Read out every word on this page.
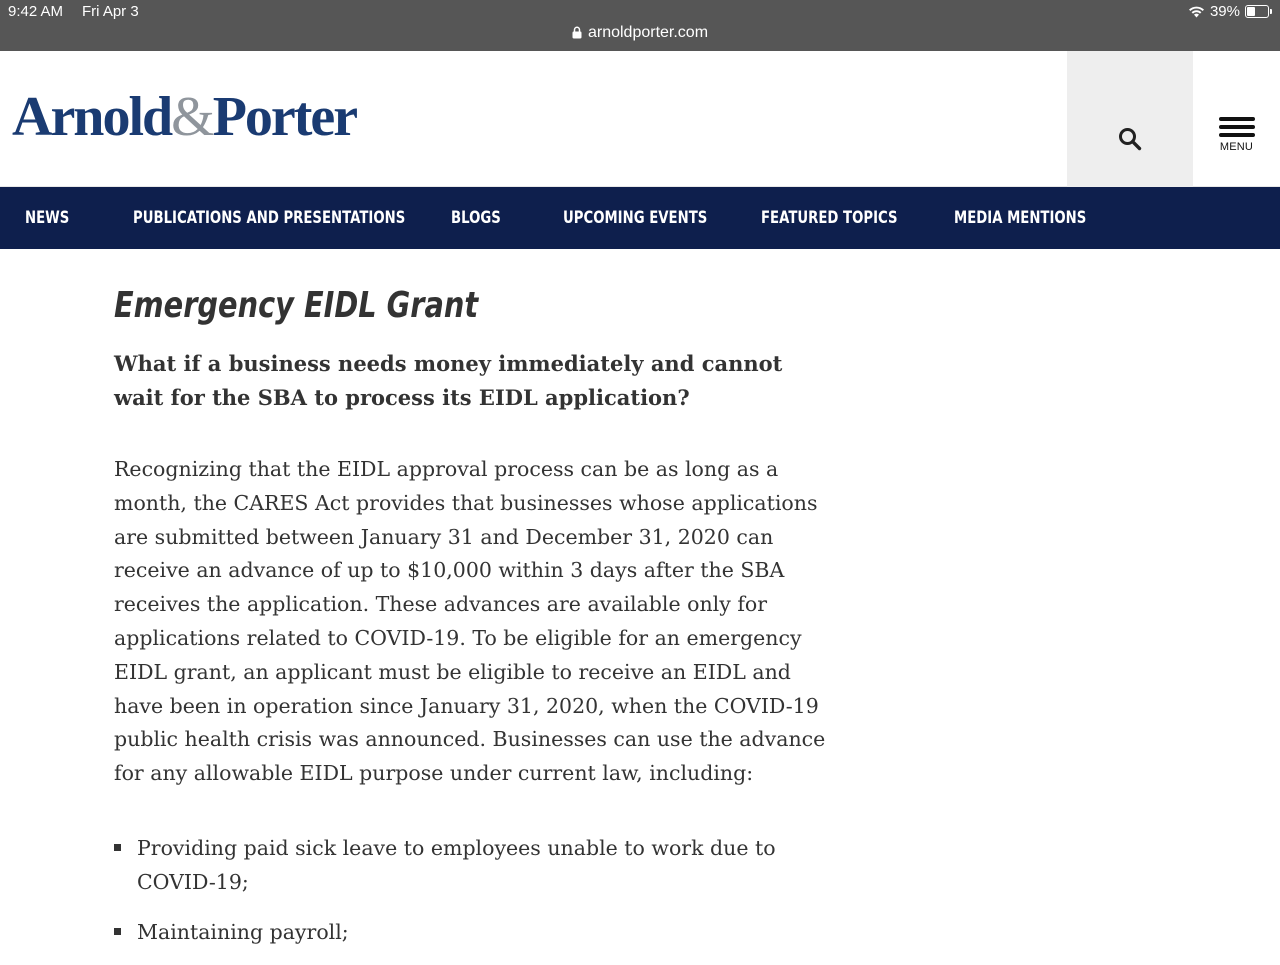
9:42 AM Fri Apr 3	39%
arnoldporter.com
Arnold&Porter	MENU
NEWS	PUBLICATIONS AND PRESENTATIONS	BLOGS	UPCOMING EVENTS	FEATURED TOPICS	MEDIA MENTIONS
Emergency EIDL Grant
What if a business needs money immediately and cannot wait for the SBA to process its EIDL application?

Recognizing that the EIDL approval process can be as long as a month, the CARES Act provides that businesses whose applications are submitted between January 31 and December 31, 2020 can receive an advance of up to $10,000 within 3 days after the SBA receives the application. These advances are available only for applications related to COVID-19. To be eligible for an emergency EIDL grant, an applicant must be eligible to receive an EIDL and have been in operation since January 31, 2020, when the COVID-19 public health crisis was announced. Businesses can use the advance for any allowable EIDL purpose under current law, including:

Providing paid sick leave to employees unable to work due to COVID-19;
Maintaining payroll;
